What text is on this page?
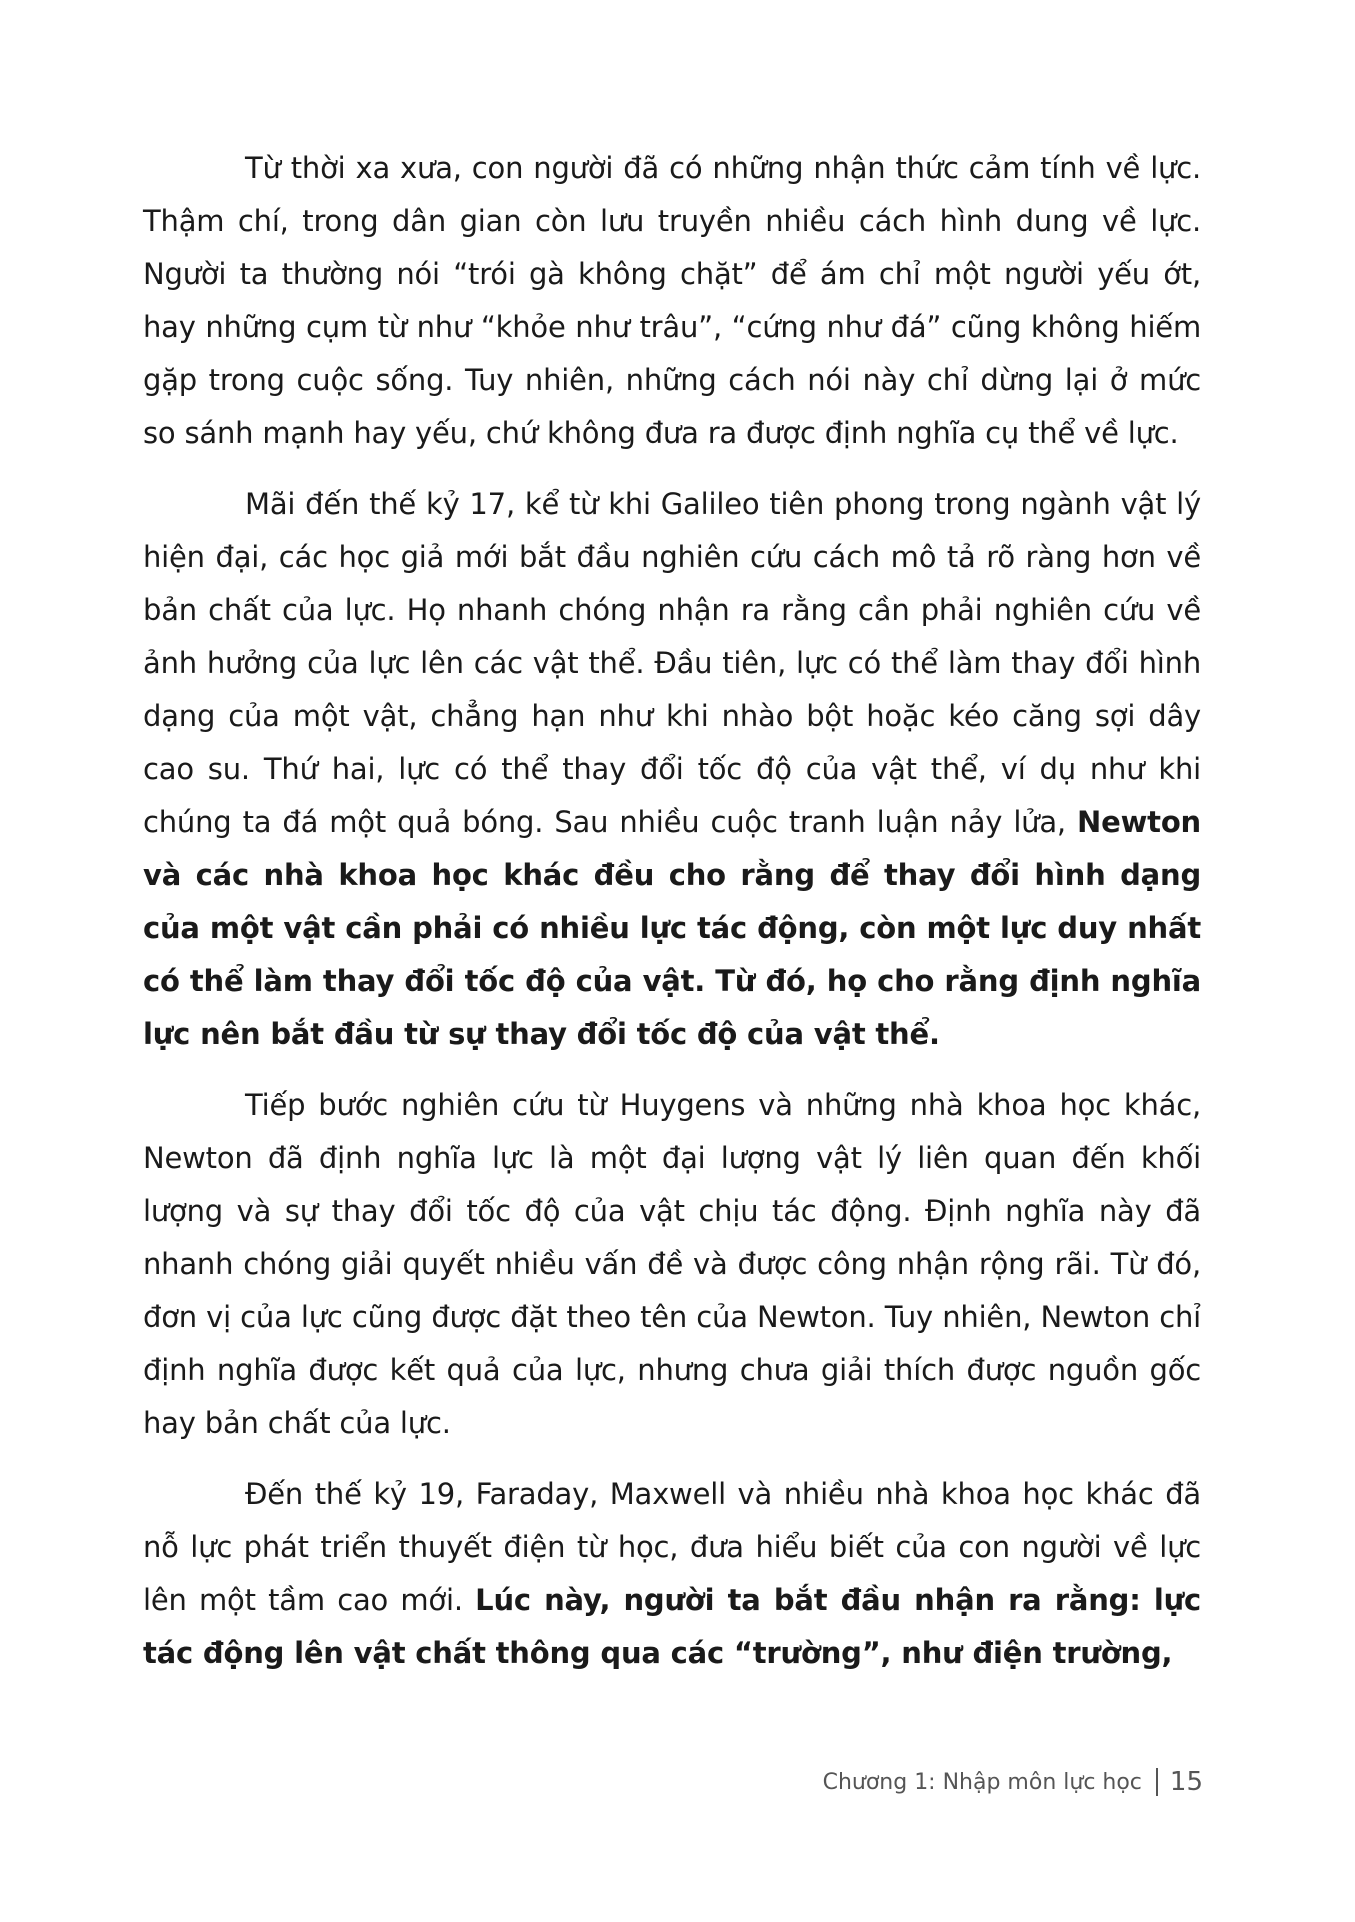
Từ thời xa xưa, con người đã có những nhận thức cảm tính về lực. Thậm chí, trong dân gian còn lưu truyền nhiều cách hình dung về lực. Người ta thường nói “trói gà không chặt” để ám chỉ một người yếu ớt, hay những cụm từ như “khỏe như trâu”, “cứng như đá” cũng không hiếm gặp trong cuộc sống. Tuy nhiên, những cách nói này chỉ dừng lại ở mức so sánh mạnh hay yếu, chứ không đưa ra được định nghĩa cụ thể về lực.

Mãi đến thế kỷ 17, kể từ khi Galileo tiên phong trong ngành vật lý hiện đại, các học giả mới bắt đầu nghiên cứu cách mô tả rõ ràng hơn về bản chất của lực. Họ nhanh chóng nhận ra rằng cần phải nghiên cứu về ảnh hưởng của lực lên các vật thể. Đầu tiên, lực có thể làm thay đổi hình dạng của một vật, chẳng hạn như khi nhào bột hoặc kéo căng sợi dây cao su. Thứ hai, lực có thể thay đổi tốc độ của vật thể, ví dụ như khi chúng ta đá một quả bóng. Sau nhiều cuộc tranh luận nảy lửa, Newton và các nhà khoa học khác đều cho rằng để thay đổi hình dạng của một vật cần phải có nhiều lực tác động, còn một lực duy nhất có thể làm thay đổi tốc độ của vật. Từ đó, họ cho rằng định nghĩa lực nên bắt đầu từ sự thay đổi tốc độ của vật thể.

Tiếp bước nghiên cứu từ Huygens và những nhà khoa học khác, Newton đã định nghĩa lực là một đại lượng vật lý liên quan đến khối lượng và sự thay đổi tốc độ của vật chịu tác động. Định nghĩa này đã nhanh chóng giải quyết nhiều vấn đề và được công nhận rộng rãi. Từ đó, đơn vị của lực cũng được đặt theo tên của Newton. Tuy nhiên, Newton chỉ định nghĩa được kết quả của lực, nhưng chưa giải thích được nguồn gốc hay bản chất của lực.

Đến thế kỷ 19, Faraday, Maxwell và nhiều nhà khoa học khác đã nỗ lực phát triển thuyết điện từ học, đưa hiểu biết của con người về lực lên một tầm cao mới. Lúc này, người ta bắt đầu nhận ra rằng: lực tác động lên vật chất thông qua các “trường”, như điện trường,

Chương 1: Nhập môn lực học 15
